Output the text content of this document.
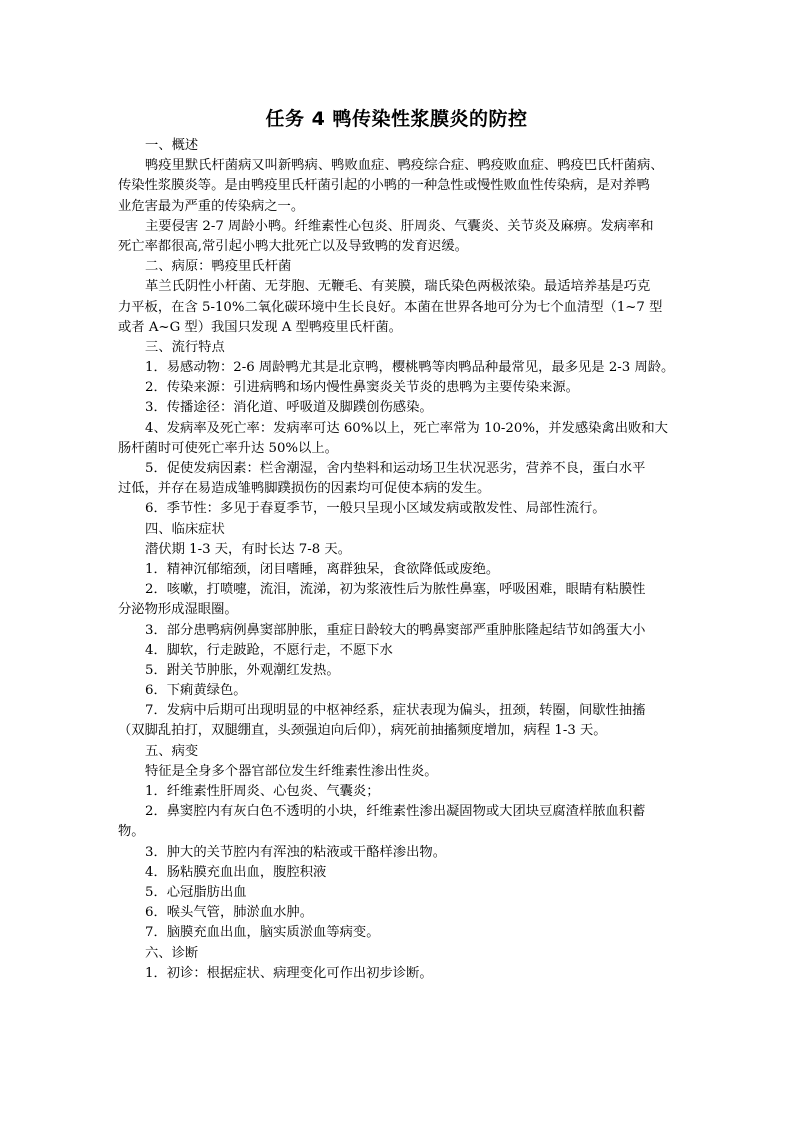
任务 4 鸭传染性浆膜炎的防控
一、概述
鸭疫里默氏杆菌病又叫新鸭病、鸭败血症、鸭疫综合症、鸭疫败血症、鸭疫巴氏杆菌病、
传染性浆膜炎等。是由鸭疫里氏杆菌引起的小鸭的一种急性或慢性败血性传染病，是对养鸭
业危害最为严重的传染病之一。
主要侵害 2-7 周龄小鸭。纤维素性心包炎、肝周炎、气囊炎、关节炎及麻痹。发病率和
死亡率都很高,常引起小鸭大批死亡以及导致鸭的发育迟缓。
二、病原：鸭疫里氏杆菌
革兰氏阴性小杆菌、无芽胞、无鞭毛、有荚膜，瑞氏染色两极浓染。最适培养基是巧克
力平板，在含 5-10%二氧化碳环境中生长良好。本菌在世界各地可分为七个血清型（1~7 型
或者 A~G 型）我国只发现 A 型鸭疫里氏杆菌。
三、流行特点
1．易感动物：2-6 周龄鸭尤其是北京鸭，樱桃鸭等肉鸭品种最常见，最多见是 2-3 周龄。
2．传染来源：引进病鸭和场内慢性鼻窦炎关节炎的患鸭为主要传染来源。
3．传播途径：消化道、呼吸道及脚蹼创伤感染。
4、发病率及死亡率：发病率可达 60%以上，死亡率常为 10-20%，并发感染禽出败和大
肠杆菌时可使死亡率升达 50%以上。
5．促使发病因素：栏舍潮湿，舍内垫料和运动场卫生状况恶劣，营养不良，蛋白水平
过低，并存在易造成雏鸭脚蹼损伤的因素均可促使本病的发生。
6．季节性：多见于春夏季节，一般只呈现小区域发病或散发性、局部性流行。
四、临床症状
潜伏期 1-3 天，有时长达 7-8 天。
1．精神沉郁缩颈，闭目嗜睡，离群独呆，食欲降低或废绝。
2．咳嗽，打喷嚏，流泪，流涕，初为浆液性后为脓性鼻塞，呼吸困难，眼睛有粘膜性
分泌物形成湿眼圈。
3．部分患鸭病例鼻窦部肿胀，重症日龄较大的鸭鼻窦部严重肿胀隆起结节如鸽蛋大小
4．脚软，行走跛跄，不愿行走，不愿下水
5．跗关节肿胀，外观潮红发热。
6．下痢黄绿色。
7．发病中后期可出现明显的中枢神经系，症状表现为偏头，扭颈，转圈，间歇性抽搐
（双脚乱拍打，双腿绷直，头颈强迫向后仰），病死前抽搐频度增加，病程 1-3 天。
五、病变
特征是全身多个器官部位发生纤维素性渗出性炎。
1．纤维素性肝周炎、心包炎、气囊炎；
2．鼻窦腔内有灰白色不透明的小块，纤维素性渗出凝固物或大团块豆腐渣样脓血积蓄
物。
3．肿大的关节腔内有浑浊的粘液或干酪样渗出物。
4．肠粘膜充血出血，腹腔积液
5．心冠脂肪出血
6．喉头气管，肺淤血水肿。
7．脑膜充血出血，脑实质淤血等病变。
六、诊断
1．初诊：根据症状、病理变化可作出初步诊断。
